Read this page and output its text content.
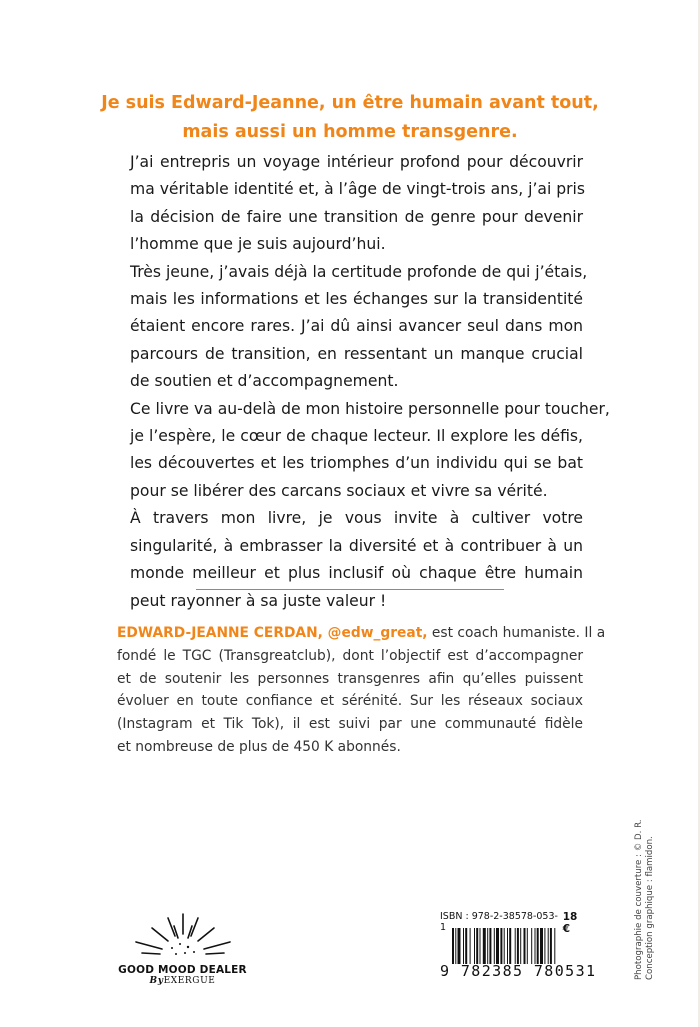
Je suis Edward-Jeanne, un être humain avant tout,
mais aussi un homme transgenre.
J’ai entrepris un voyage intérieur profond pour découvrir
ma véritable identité et, à l’âge de vingt-trois ans, j’ai pris
la décision de faire une transition de genre pour devenir
l’homme que je suis aujourd’hui.
Très jeune, j’avais déjà la certitude profonde de qui j’étais,
mais les informations et les échanges sur la transidentité
étaient encore rares. J’ai dû ainsi avancer seul dans mon
parcours de transition, en ressentant un manque crucial
de soutien et d’accompagnement.
Ce livre va au-delà de mon histoire personnelle pour toucher,
je l’espère, le cœur de chaque lecteur. Il explore les défis,
les découvertes et les triomphes d’un individu qui se bat
pour se libérer des carcans sociaux et vivre sa vérité.
À travers mon livre, je vous invite à cultiver votre
singularité, à embrasser la diversité et à contribuer à un
monde meilleur et plus inclusif où chaque être humain
peut rayonner à sa juste valeur !
EDWARD-JEANNE CERDAN, @edw_great, est coach humaniste. Il a
fondé le TGC (Transgreatclub), dont l’objectif est d’accompagner
et de soutenir les personnes transgenres afin qu’elles puissent
évoluer en toute confiance et sérénité. Sur les réseaux sociaux
(Instagram et Tik Tok), il est suivi par une communauté fidèle
et nombreuse de plus de 450 K abonnés.
Photographie de couverture : © D. R. Conception graphique : flamidon.
GOOD MOOD DEALER
ByEXERGUE
ISBN : 978-2-38578-053-1
18 €
9 782385 780531
